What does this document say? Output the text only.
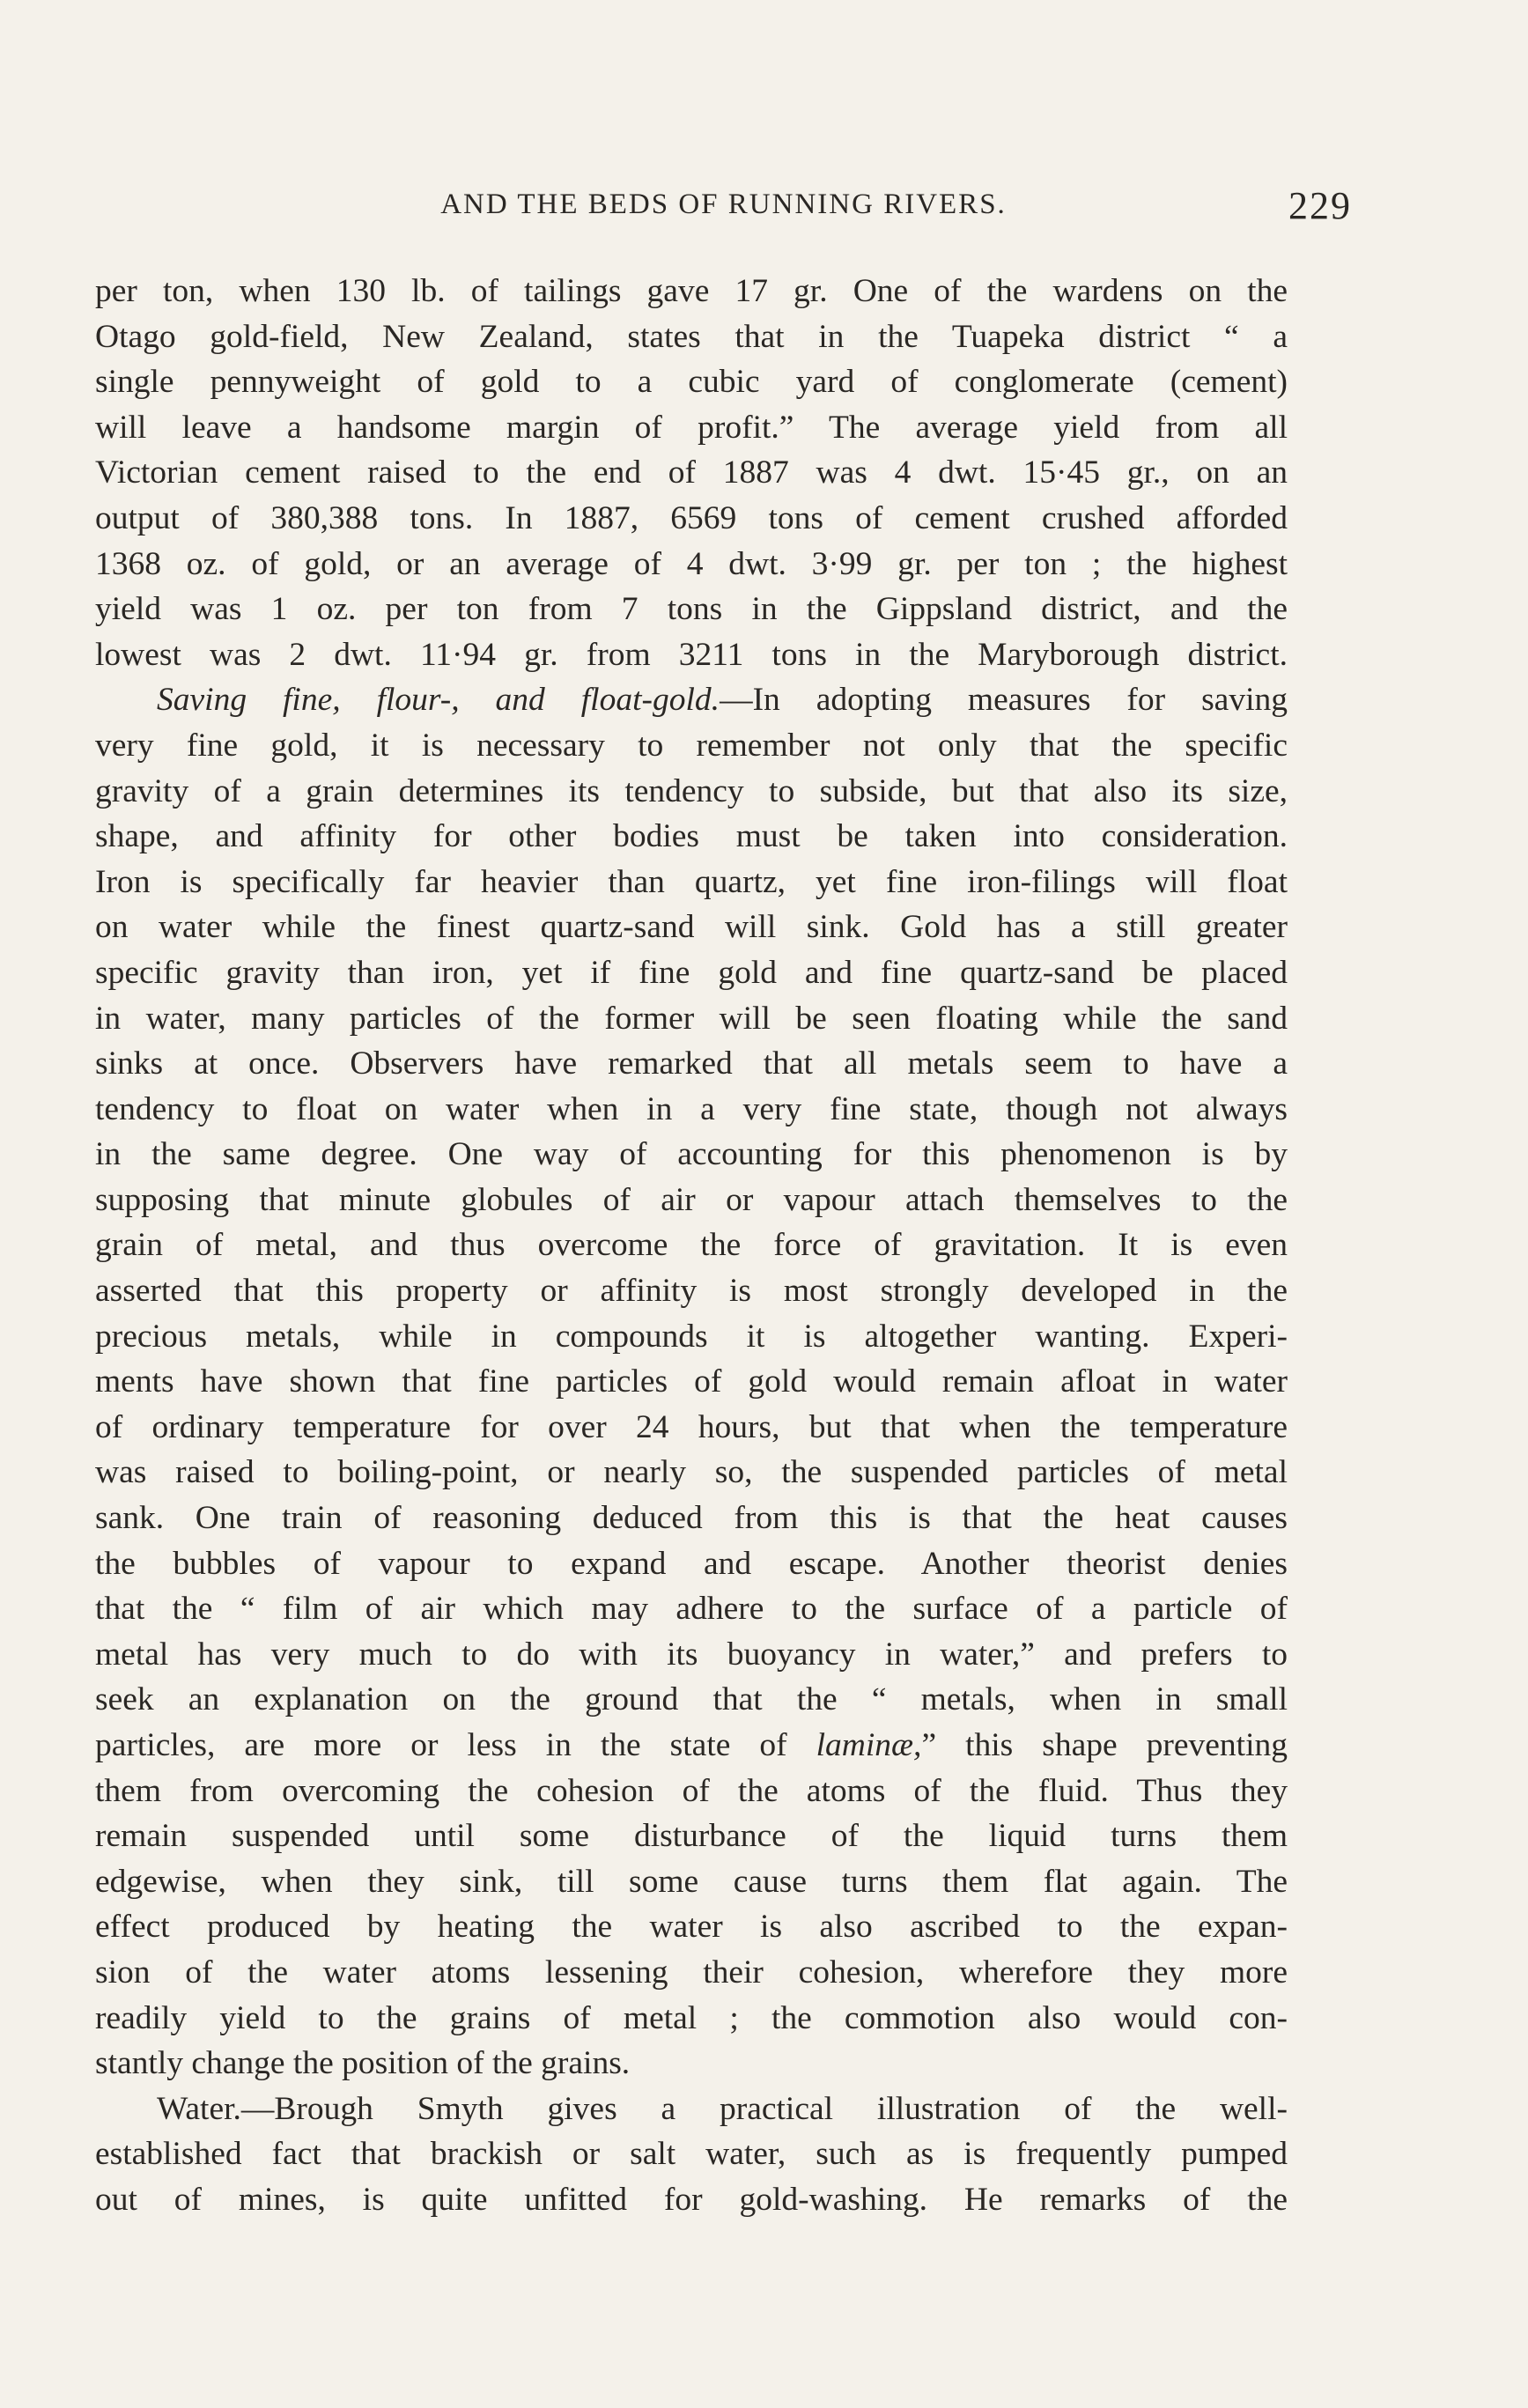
AND THE BEDS OF RUNNING RIVERS.	229
per ton, when 130 lb. of tailings gave 17 gr. One of the wardens on the
Otago gold-field, New Zealand, states that in the Tuapeka district “ a
single pennyweight of gold to a cubic yard of conglomerate (cement)
will leave a handsome margin of profit.” The average yield from all
Victorian cement raised to the end of 1887 was 4 dwt. 15·45 gr., on an
output of 380,388 tons. In 1887, 6569 tons of cement crushed afforded
1368 oz. of gold, or an average of 4 dwt. 3·99 gr. per ton ; the highest
yield was 1 oz. per ton from 7 tons in the Gippsland district, and the
lowest was 2 dwt. 11·94 gr. from 3211 tons in the Maryborough district.
Saving fine, flour-, and float-gold.—In adopting measures for saving
very fine gold, it is necessary to remember not only that the specific
gravity of a grain determines its tendency to subside, but that also its size,
shape, and affinity for other bodies must be taken into consideration.
Iron is specifically far heavier than quartz, yet fine iron-filings will float
on water while the finest quartz-sand will sink. Gold has a still greater
specific gravity than iron, yet if fine gold and fine quartz-sand be placed
in water, many particles of the former will be seen floating while the sand
sinks at once. Observers have remarked that all metals seem to have a
tendency to float on water when in a very fine state, though not always
in the same degree. One way of accounting for this phenomenon is by
supposing that minute globules of air or vapour attach themselves to the
grain of metal, and thus overcome the force of gravitation. It is even
asserted that this property or affinity is most strongly developed in the
precious metals, while in compounds it is altogether wanting. Experi-
ments have shown that fine particles of gold would remain afloat in water
of ordinary temperature for over 24 hours, but that when the temperature
was raised to boiling-point, or nearly so, the suspended particles of metal
sank. One train of reasoning deduced from this is that the heat causes
the bubbles of vapour to expand and escape. Another theorist denies
that the “ film of air which may adhere to the surface of a particle of
metal has very much to do with its buoyancy in water,” and prefers to
seek an explanation on the ground that the “ metals, when in small
particles, are more or less in the state of laminæ,” this shape preventing
them from overcoming the cohesion of the atoms of the fluid. Thus they
remain suspended until some disturbance of the liquid turns them
edgewise, when they sink, till some cause turns them flat again. The
effect produced by heating the water is also ascribed to the expan-
sion of the water atoms lessening their cohesion, wherefore they more
readily yield to the grains of metal ; the commotion also would con-
stantly change the position of the grains.
Water.—Brough Smyth gives a practical illustration of the well-
established fact that brackish or salt water, such as is frequently pumped
out of mines, is quite unfitted for gold-washing. He remarks of the
